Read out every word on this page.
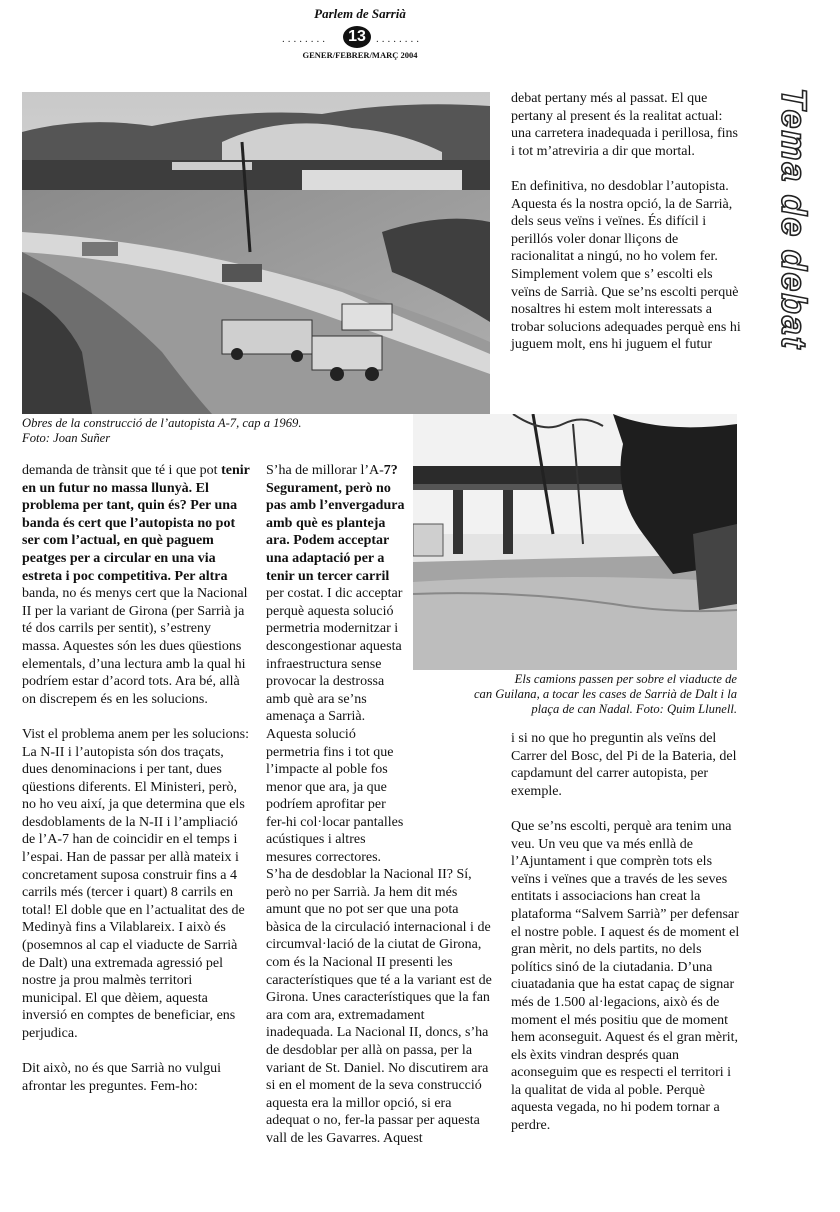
Parlem de Sarrià
........	13 ........
GENER/FEBRER/MARÇ 2004
Tema de debat
Obres de la construcció de l’autopista A-7, cap a 1969.
Foto: Joan Suñer
Els camions passen per sobre el viaducte de
can Guilana, a tocar les cases de Sarrià de Dalt i la
plaça de can Nadal. Foto: Quim Llunell.

debat pertany més al passat. El que pertany al present és la realitat actual: una carretera inadequada i perillosa, fins i tot m’atreviria a dir que mortal.

En definitiva, no desdoblar l’autopista. Aquesta és la nostra opció, la de Sarrià, dels seus veïns i veïnes. És difícil i perillós voler donar lliçons de racionalitat a ningú, no ho volem fer. Simplement volem que s’ escolti els veïns de Sarrià. Que se’ns escolti perquè nosaltres hi estem molt interessats a trobar solucions adequades perquè ens hi juguem molt, ens hi juguem el futur

demanda de trànsit que té i que pot tenir en un futur no massa llunyà. El problema per tant, quin és? Per una banda és cert que l’autopista no pot ser com l’actual, en què paguem peatges per a circular en una via estreta i poc competitiva. Per altra banda, no és menys cert que la Nacional II per la variant de Girona (per Sarrià ja té dos carrils per sentit), s’estreny massa. Aquestes són les dues qüestions elementals, d’una lectura amb la qual hi podríem estar d’acord tots. Ara bé, allà on discrepem és en les solucions.

Vist el problema anem per les solucions: La N-II i l’autopista són dos traçats, dues denominacions i per tant, dues qüestions diferents. El Ministeri, però, no ho veu així, ja que determina que els desdoblaments de la N-II i l’ampliació de l’A-7 han de coincidir en el temps i l’espai. Han de passar per allà mateix i concretament suposa construir fins a 4 carrils més (tercer i quart) 8 carrils en total! El doble que en l’actualitat des de Medinyà fins a Vilablareix. I això és (posemnos al cap el viaducte de Sarrià de Dalt) una extremada agressió pel nostre ja prou malmès territori municipal. El que dèiem, aquesta inversió en comptes de beneficiar, ens perjudica.

Dit això, no és que Sarrià no vulgui afrontar les preguntes. Fem-ho:

S’ha de millorar l’A-7? Segurament, però no pas amb l’envergadura amb què es planteja ara. Podem acceptar una adaptació per a tenir un tercer carril per costat. I dic acceptar perquè aquesta solució permetria modernitzar i descongestionar aquesta infraestructura sense provocar la destrossa amb què ara se’ns amenaça a Sarrià. Aquesta solució permetria fins i tot que l’impacte al poble fos menor que ara, ja que podríem aprofitar per fer-hi col·locar pantalles acústiques i altres mesures correctores.

S’ha de desdoblar la Nacional II? Sí, però no per Sarrià. Ja hem dit més amunt que no pot ser que una pota bàsica de la circulació internacional i de circumval·lació de la ciutat de Girona, com és la Nacional II presenti les característiques que té a la variant est de Girona. Unes característiques que la fan ara com ara, extremadament inadequada. La Nacional II, doncs, s’ha de desdoblar per allà on passa, per la variant de St. Daniel. No discutirem ara si en el moment de la seva construcció aquesta era la millor opció, si era adequat o no, fer-la passar per aquesta vall de les Gavarres. Aquest

i si no que ho preguntin als veïns del Carrer del Bosc, del Pi de la Bateria, del capdamunt del carrer autopista, per exemple.

Que se’ns escolti, perquè ara tenim una veu. Un veu que va més enllà de l’Ajuntament i que comprèn tots els veïns i veïnes que a través de les seves entitats i associacions han creat la plataforma “Salvem Sarrià” per defensar el nostre poble. I aquest és de moment el gran mèrit, no dels partits, no dels polítics sinó de la ciutadania. D’una ciuatadania que ha estat capaç de signar més de 1.500 al·legacions, això és de moment el més positiu que de moment hem aconseguit. Aquest és el gran mèrit, els èxits vindran després quan aconseguim que es respecti el territori i la qualitat de vida al poble. Perquè aquesta vegada, no hi podem tornar a perdre.
